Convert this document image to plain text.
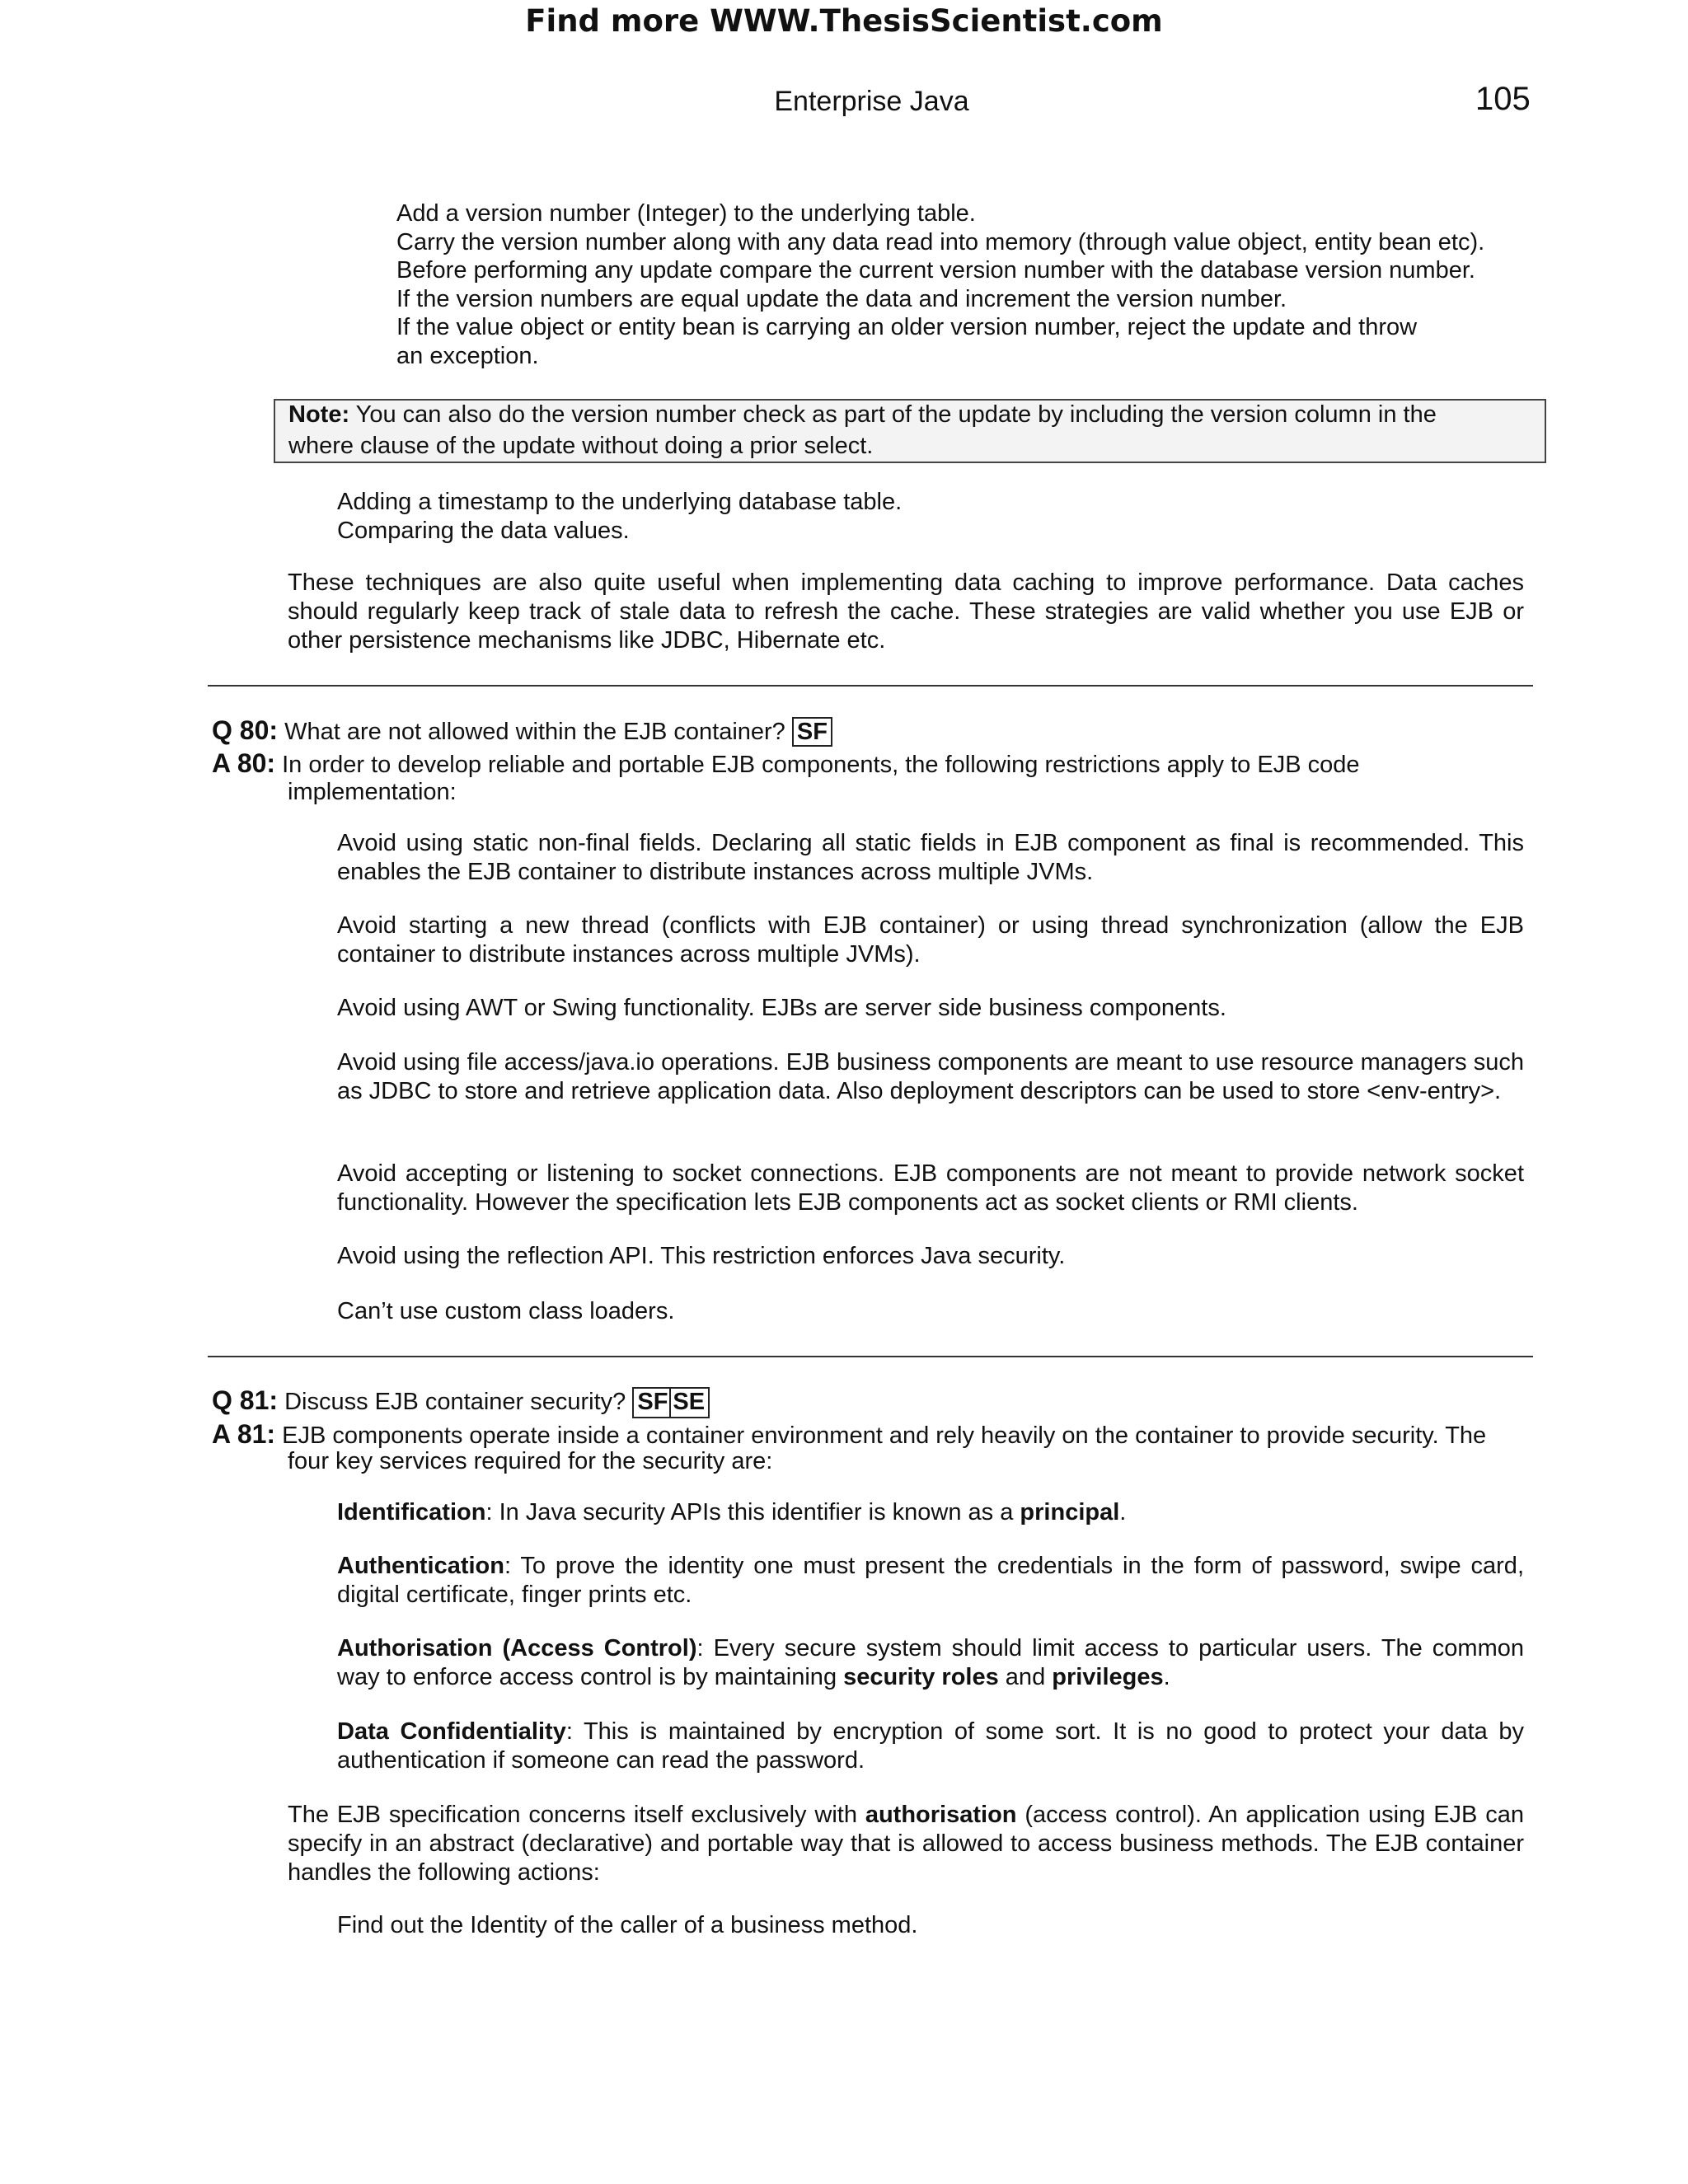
Find more WWW.ThesisScientist.com
Enterprise Java	105
Add a version number (Integer) to the underlying table.
Carry the version number along with any data read into memory (through value object, entity bean etc).
Before performing any update compare the current version number with the database version number.
If the version numbers are equal update the data and increment the version number.
If the value object or entity bean is carrying an older version number, reject the update and throw
an exception.
Note: You can also do the version number check as part of the update by including the version column in the
where clause of the update without doing a prior select.
Adding a timestamp to the underlying database table.
Comparing the data values.
These techniques are also quite useful when implementing data caching to improve performance. Data caches should regularly keep track of stale data to refresh the cache. These strategies are valid whether you use EJB or other persistence mechanisms like JDBC, Hibernate etc.
Q 80: What are not allowed within the EJB container? SF
A 80: In order to develop reliable and portable EJB components, the following restrictions apply to EJB code
implementation:
Avoid using static non-final fields. Declaring all static fields in EJB component as final is recommended. This enables the EJB container to distribute instances across multiple JVMs.
Avoid starting a new thread (conflicts with EJB container) or using thread synchronization (allow the EJB container to distribute instances across multiple JVMs).
Avoid using AWT or Swing functionality. EJBs are server side business components.
Avoid using file access/java.io operations. EJB business components are meant to use resource managers such as JDBC to store and retrieve application data. Also deployment descriptors can be used to store <env-entry>.
Avoid accepting or listening to socket connections. EJB components are not meant to provide network socket functionality. However the specification lets EJB components act as socket clients or RMI clients.
Avoid using the reflection API. This restriction enforces Java security.
Can’t use custom class loaders.
Q 81: Discuss EJB container security? SF SE
A 81: EJB components operate inside a container environment and rely heavily on the container to provide security. The
four key services required for the security are:
Identification: In Java security APIs this identifier is known as a principal.
Authentication: To prove the identity one must present the credentials in the form of password, swipe card, digital certificate, finger prints etc.
Authorisation (Access Control): Every secure system should limit access to particular users. The common way to enforce access control is by maintaining security roles and privileges.
Data Confidentiality: This is maintained by encryption of some sort. It is no good to protect your data by authentication if someone can read the password.
The EJB specification concerns itself exclusively with authorisation (access control). An application using EJB can specify in an abstract (declarative) and portable way that is allowed to access business methods. The EJB container handles the following actions:
Find out the Identity of the caller of a business method.
